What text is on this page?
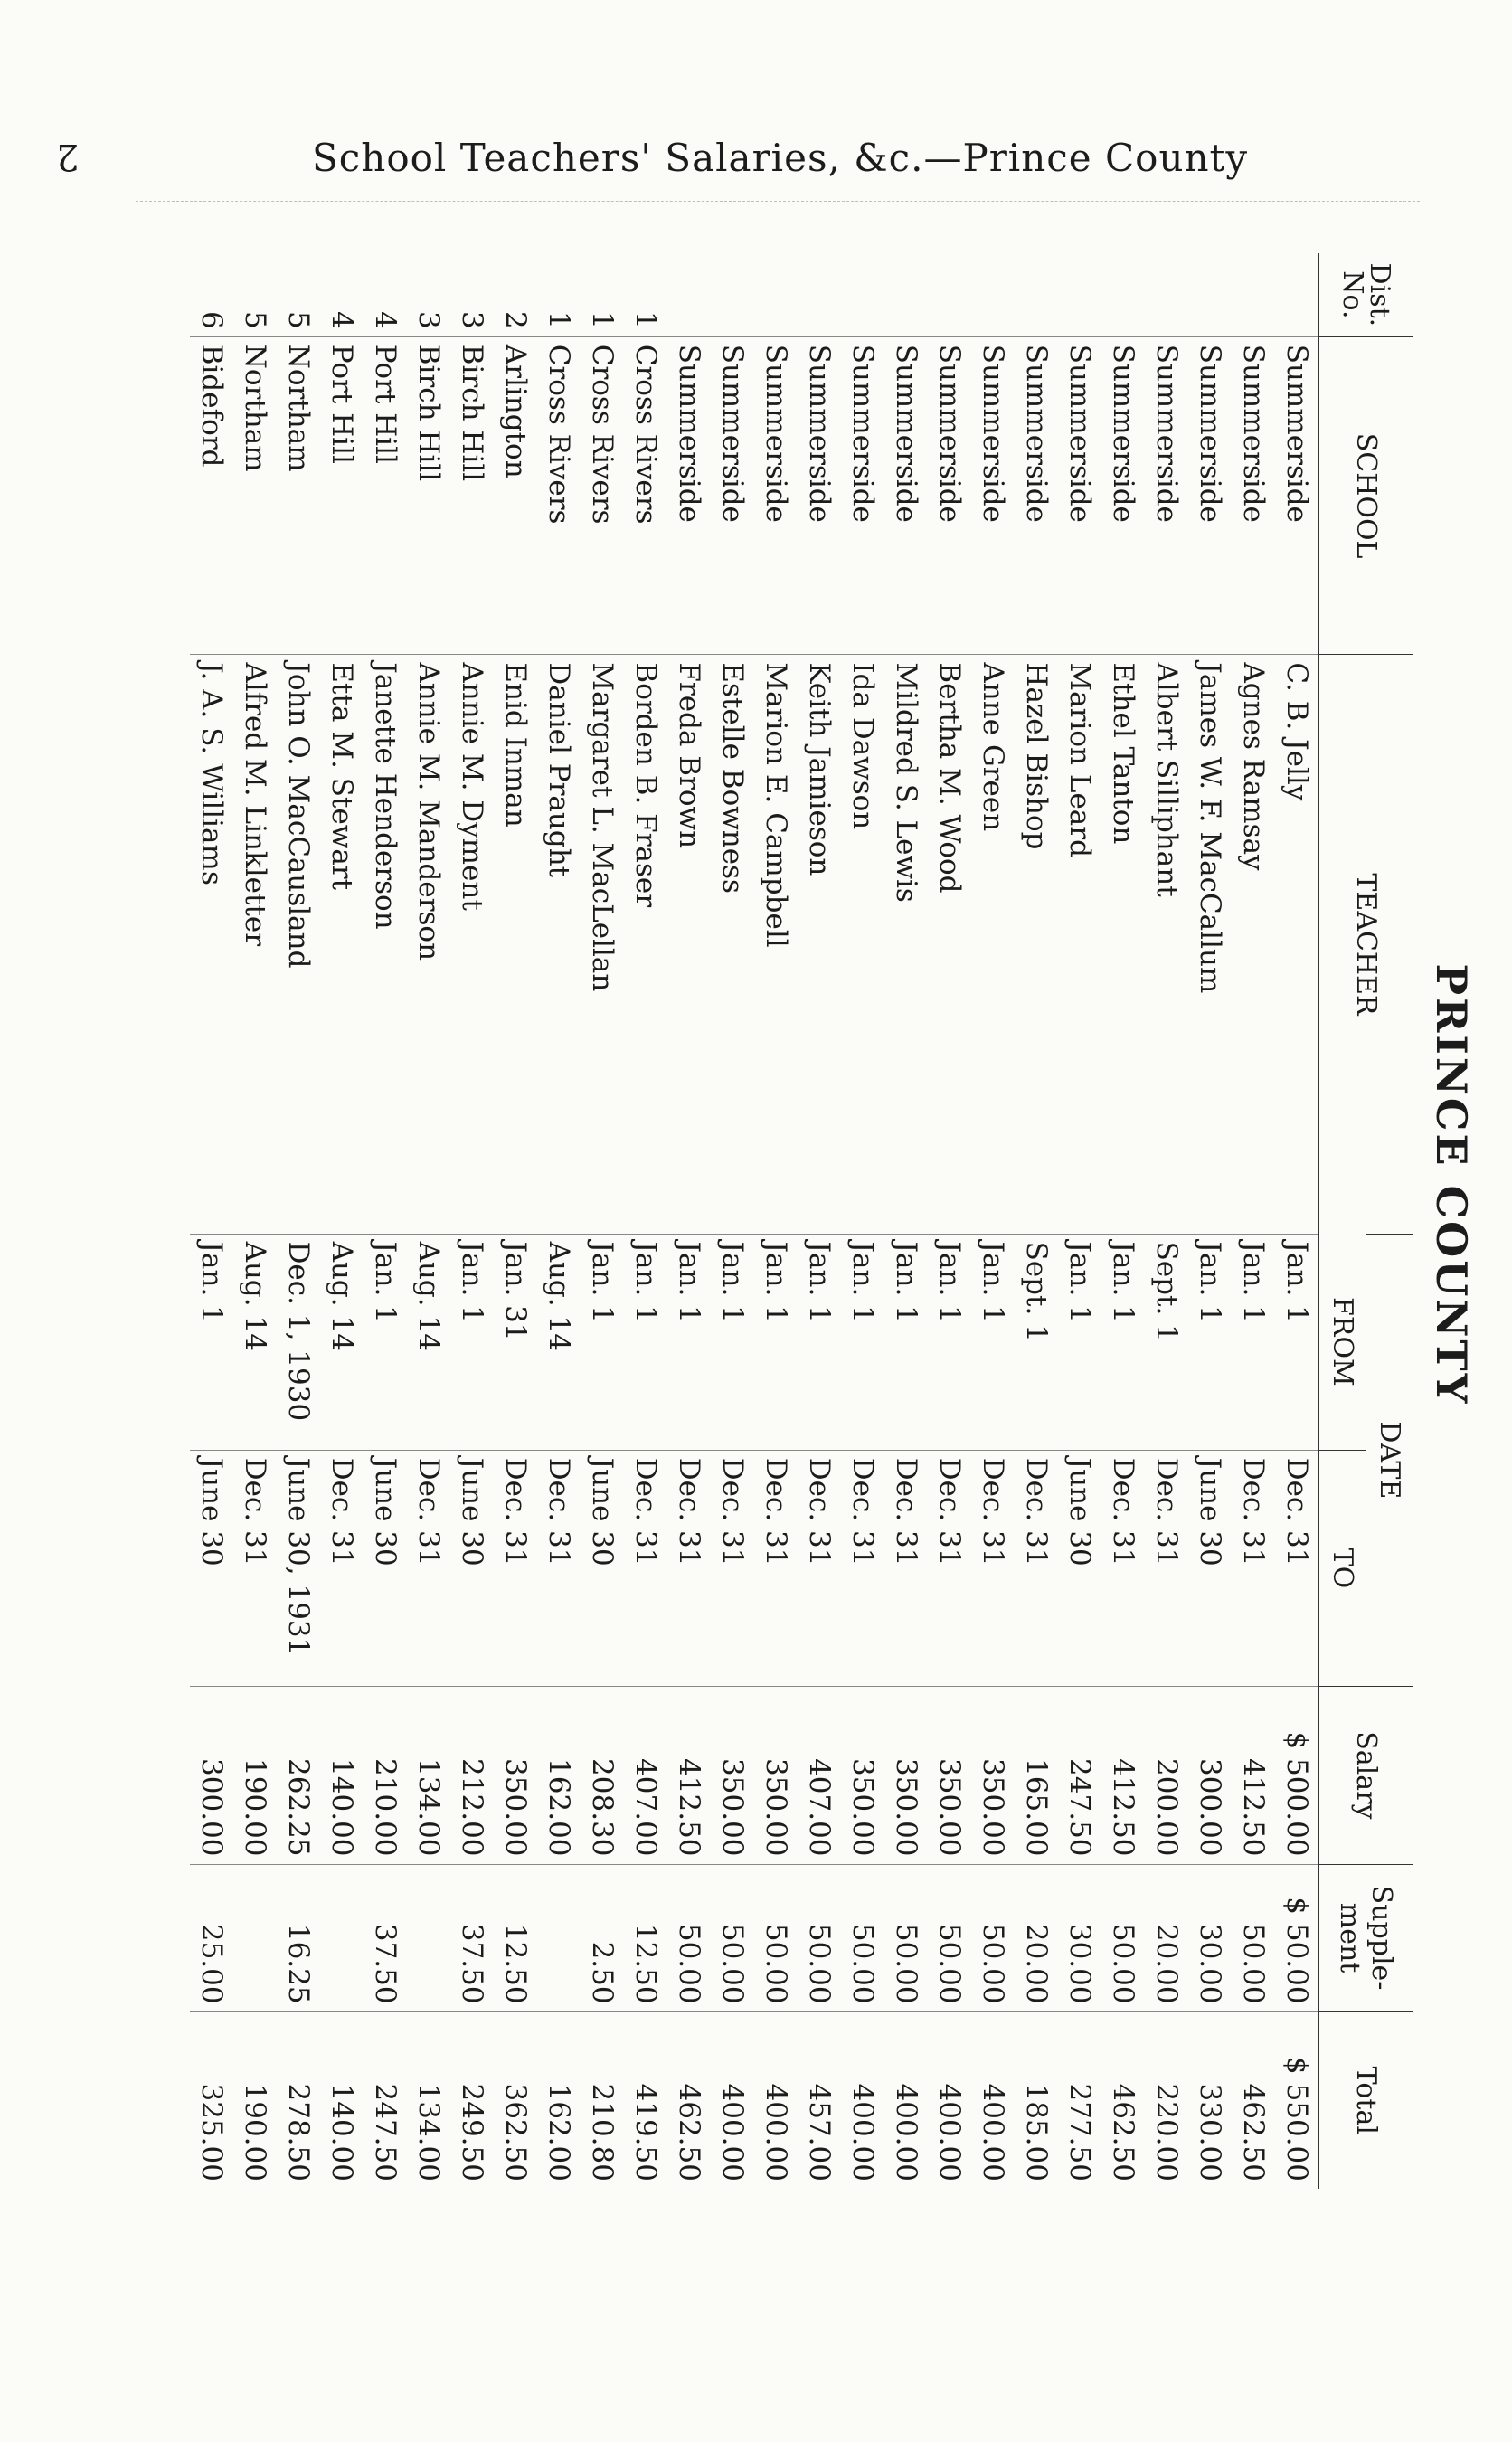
2	School Teachers' Salaries, &c.—Prince County
PRINCE COUNTY
Dist. No.	SCHOOL	TEACHER	DATE		Salary	Supple-ment	Total
			FROM	TO			
	Summerside	C. B. Jelly	Jan. 1	Dec. 31	$ 500.00	$ 50.00	$ 550.00
	Summerside	Agnes Ramsay	Jan. 1	Dec. 31	412.50	50.00	462.50
	Summerside	James W. F. MacCallum	Jan. 1	June 30	300.00	30.00	330.00
	Summerside	Albert Silliphant	Sept. 1	Dec. 31	200.00	20.00	220.00
	Summerside	Ethel Tanton	Jan. 1	Dec. 31	412.50	50.00	462.50
	Summerside	Marion Leard	Jan. 1	June 30	247.50	30.00	277.50
	Summerside	Hazel Bishop	Sept. 1	Dec. 31	165.00	20.00	185.00
	Summerside	Anne Green	Jan. 1	Dec. 31	350.00	50.00	400.00
	Summerside	Bertha M. Wood	Jan. 1	Dec. 31	350.00	50.00	400.00
	Summerside	Mildred S. Lewis	Jan. 1	Dec. 31	350.00	50.00	400.00
	Summerside	Ida Dawson	Jan. 1	Dec. 31	350.00	50.00	400.00
	Summerside	Keith Jamieson	Jan. 1	Dec. 31	407.00	50.00	457.00
	Summerside	Marion E. Campbell	Jan. 1	Dec. 31	350.00	50.00	400.00
	Summerside	Estelle Bowness	Jan. 1	Dec. 31	350.00	50.00	400.00
	Summerside	Freda Brown	Jan. 1	Dec. 31	412.50	50.00	462.50
1	Cross Rivers	Borden B. Fraser	Jan. 1	Dec. 31	407.00	12.50	419.50
1	Cross Rivers	Margaret L. MacLellan	Jan. 1	June 30	208.30	2.50	210.80
1	Cross Rivers	Daniel Praught	Aug. 14	Dec. 31	162.00		162.00
2	Arlington	Enid Inman	Jan. 31	Dec. 31	350.00	12.50	362.50
3	Birch Hill	Annie M. Dyment	Jan. 1	June 30	212.00	37.50	249.50
3	Birch Hill	Annie M. Manderson	Aug. 14	Dec. 31	134.00		134.00
4	Port Hill	Janette Henderson	Jan. 1	June 30	210.00	37.50	247.50
4	Port Hill	Etta M. Stewart	Aug. 14	Dec. 31	140.00		140.00
5	Northam	John O. MacCausland	Dec. 1, 1930	June 30, 1931	262.25	16.25	278.50
5	Northam	Alfred M. Linkletter	Aug. 14	Dec. 31	190.00		190.00
6	Bideford	J. A. S. Williams	Jan. 1	June 30	300.00	25.00	325.00
